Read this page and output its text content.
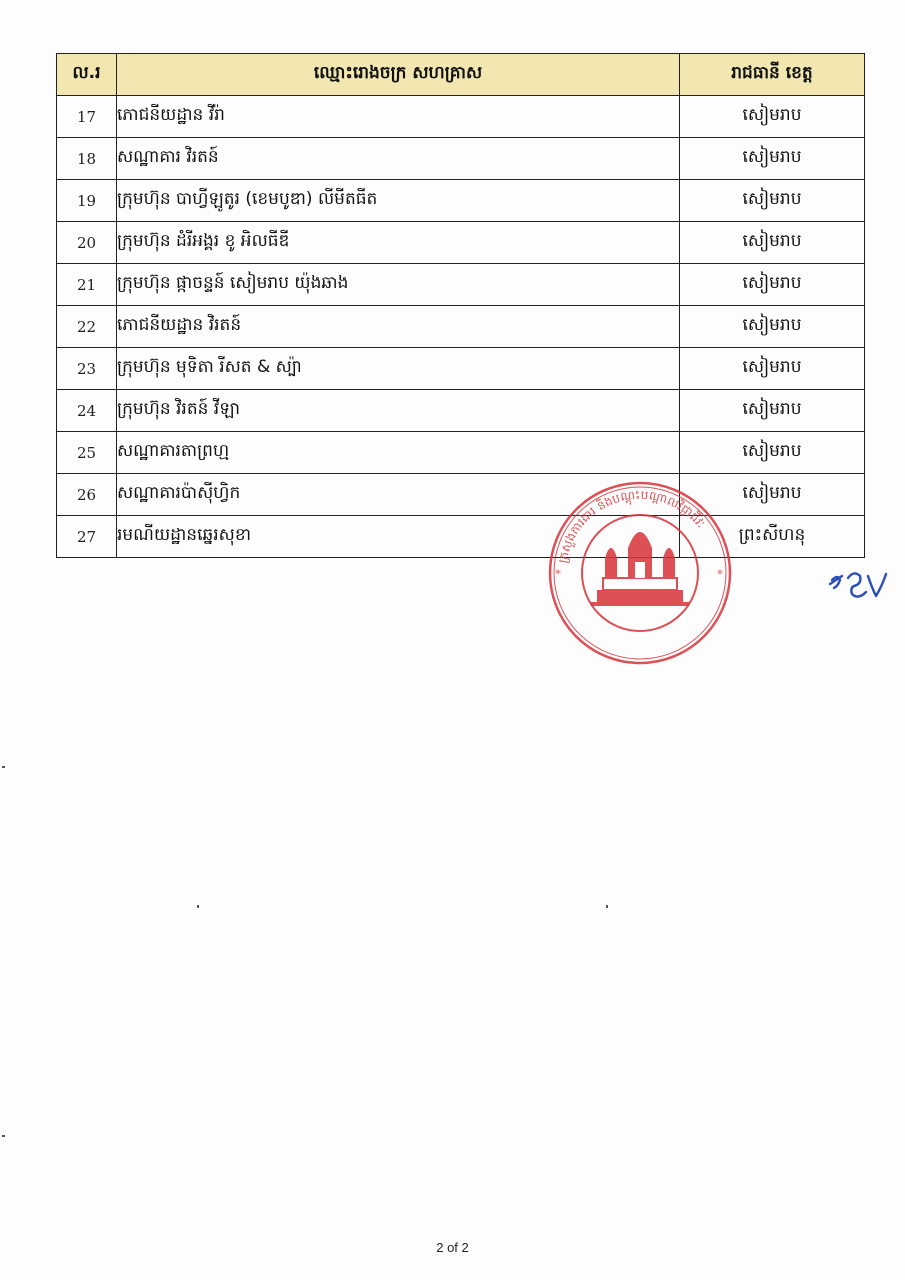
ល.រ	ឈ្មោះរោងចក្រ សហគ្រាស	រាជធានី ខេត្ត
17	ភោជនីយដ្ឋាន វីរ៉ា	សៀមរាប
18	សណ្ឋាគារ វិរតន៍	សៀមរាប
19	ក្រុមហ៊ុន បាហ្វីឡូតូរ (ខេមបូឌា) លីមីតធីត	សៀមរាប
20	ក្រុមហ៊ុន ដំរីអង្គរ ខូ អិលធីឌី	សៀមរាប
21	ក្រុមហ៊ុន ផ្កាចន្ទន៍ សៀមរាប យ៉ុងឆាង	សៀមរាប
22	ភោជនីយដ្ឋាន វិរតន៍	សៀមរាប
23	ក្រុមហ៊ុន មុទិតា រីសត & ស្ប៉ា	សៀមរាប
24	ក្រុមហ៊ុន វិរតន៍ វីឡា	សៀមរាប
25	សណ្ឋាគារតាព្រហ្ម	សៀមរាប
26	សណ្ឋាគារប៉ាស៊ីហ្វិក	សៀមរាប
27	រមណីយដ្ឋានឆ្នេរសុខា	ព្រះសីហនុ
ក្រសួងការងារ និងបណ្តុះបណ្តាលវិជ្ជាជីវៈ
*	*
2 of 2
